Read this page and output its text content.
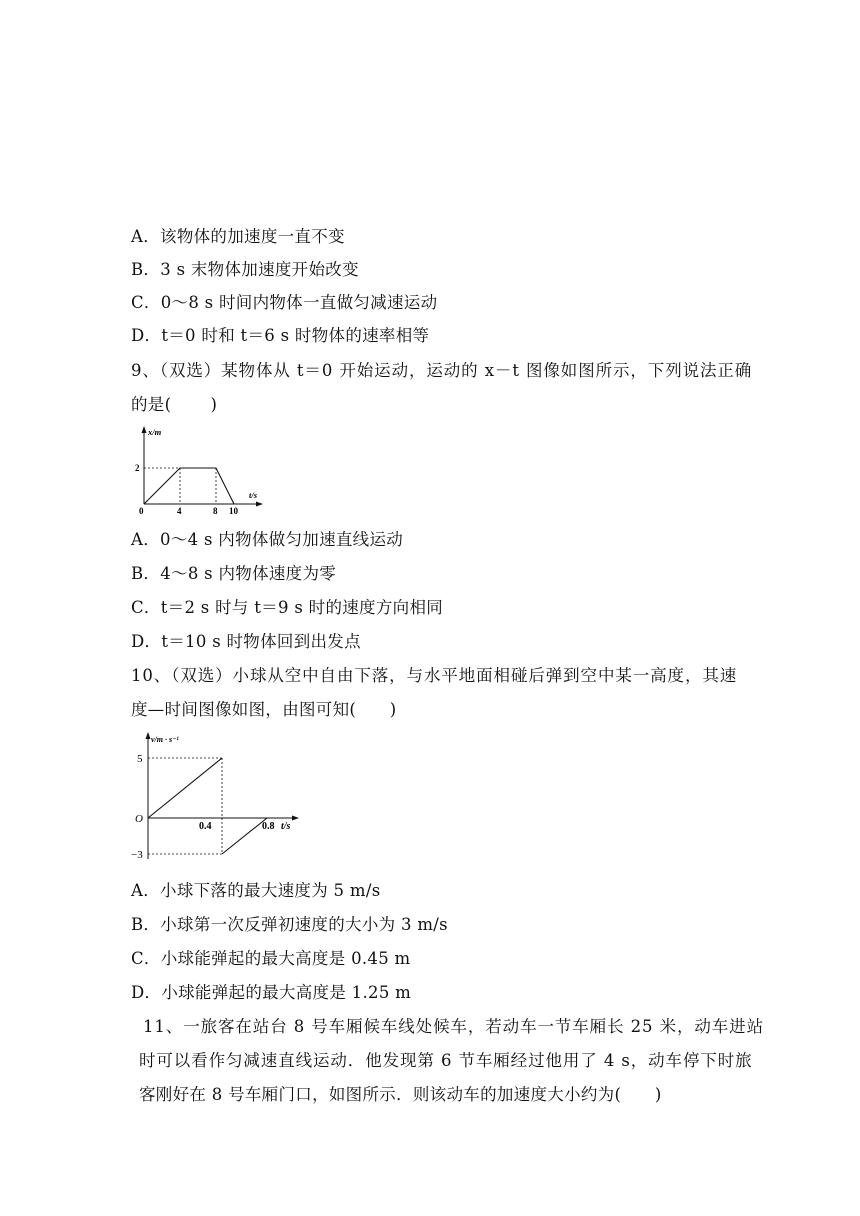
A．该物体的加速度一直不变
B．3 s 末物体加速度开始改变
C．0～8 s 时间内物体一直做匀减速运动
D．t＝0 时和 t＝6 s 时物体的速率相等
9、（双选）某物体从 t＝0 开始运动，运动的 x－t 图像如图所示，下列说法正确
的是(　　 )
x/m
t/s
0
2
4	8 10
A．0～4 s 内物体做匀加速直线运动
B．4～8 s 内物体速度为零
C．t＝2 s 时与 t＝9 s 时的速度方向相同
D．t＝10 s 时物体回到出发点
10、（双选）小球从空中自由下落，与水平地面相碰后弹到空中某一高度，其速
度—时间图像如图，由图可知(　　)
v/m · s⁻¹
t/s
O
5
−3
0.4	0.8
A．小球下落的最大速度为 5 m/s
B．小球第一次反弹初速度的大小为 3 m/s
C．小球能弹起的最大高度是 0.45 m
D．小球能弹起的最大高度是 1.25 m
11、一旅客在站台 8 号车厢候车线处候车，若动车一节车厢长 25 米，动车进站
时可以看作匀减速直线运动．他发现第 6 节车厢经过他用了 4 s，动车停下时旅
客刚好在 8 号车厢门口，如图所示．则该动车的加速度大小约为(　　)
